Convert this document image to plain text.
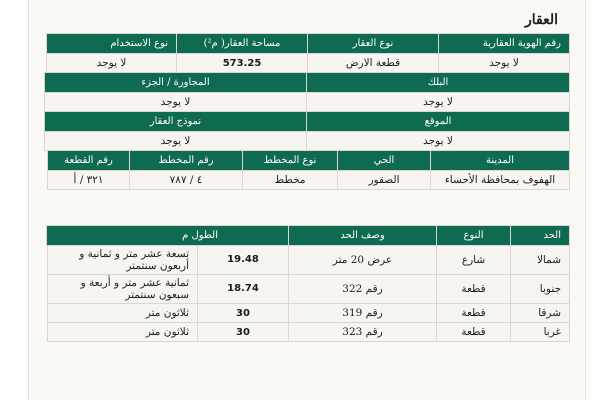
العقار
رقم الهوية العقارية
نوع العقار
مساحة العقار( م²)
نوع الاستخدام
لا يوجد
قطعة الارض
573.25
لا يوجد
البلك
المجاورة / الجزء
لا يوجد
لا يوجد
الموقع
نموذج العقار
لا يوجد
لا يوجد
المدينة
الحي
نوع المخطط
رقم المخطط
رقم القطعة
الهفوف بمحافظة الأحساء
الصقور
مخطط
٤ / ٧٨٧
٣٢١ / أ
الحد
النوع
وصف الحد
الطول م
شمالا
شارع
عرض 20 متر
19.48
تسعة عشر متر و ثمانية و أربعون سنتمتر
جنوبا
قطعة
رقم 322
18.74
ثمانية عشر متر و أربعة و سبعون سنتمتر
شرقا
قطعة
رقم 319
30
ثلاثون متر
غربا
قطعة
رقم 323
30
ثلاثون متر
